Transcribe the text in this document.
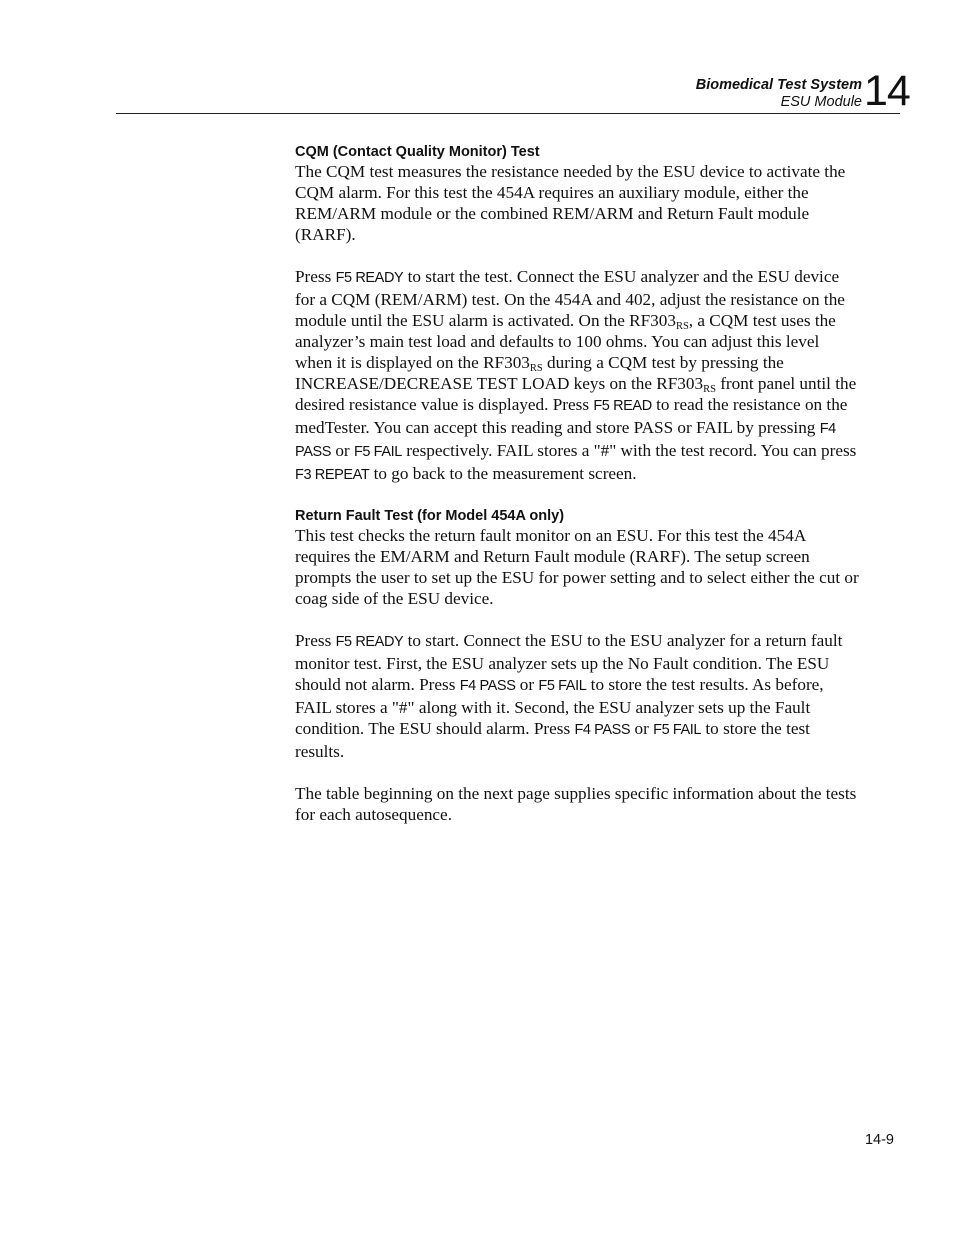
Biomedical Test System
ESU Module 14
CQM (Contact Quality Monitor) Test

The CQM test measures the resistance needed by the ESU device to activate the CQM alarm. For this test the 454A requires an auxiliary module, either the REM/ARM module or the combined REM/ARM and Return Fault module (RARF).

Press F5 READY to start the test. Connect the ESU analyzer and the ESU device for a CQM (REM/ARM) test. On the 454A and 402, adjust the resistance on the module until the ESU alarm is activated. On the $RF303_{RS}$, a CQM test uses the analyzer’s main test load and defaults to 100 ohms. You can adjust this level when it is displayed on the $RF303_{RS}$ during a CQM test by pressing the INCREASE/DECREASE TEST LOAD keys on the $RF303_{RS}$ front panel until the desired resistance value is displayed. Press F5 READ to read the resistance on the medTester. You can accept this reading and store PASS or FAIL by pressing F4 PASS or F5 FAIL respectively. FAIL stores a "#" with the test record. You can press F3 REPEAT to go back to the measurement screen.

Return Fault Test (for Model 454A only)

This test checks the return fault monitor on an ESU. For this test the 454A requires the EM/ARM and Return Fault module (RARF). The setup screen prompts the user to set up the ESU for power setting and to select either the cut or coag side of the ESU device.

Press F5 READY to start. Connect the ESU to the ESU analyzer for a return fault monitor test. First, the ESU analyzer sets up the No Fault condition. The ESU should not alarm. Press F4 PASS or F5 FAIL to store the test results. As before, FAIL stores a "#" along with it. Second, the ESU analyzer sets up the Fault condition. The ESU should alarm. Press F4 PASS or F5 FAIL to store the test results.

The table beginning on the next page supplies specific information about the tests for each autosequence.

14-9
